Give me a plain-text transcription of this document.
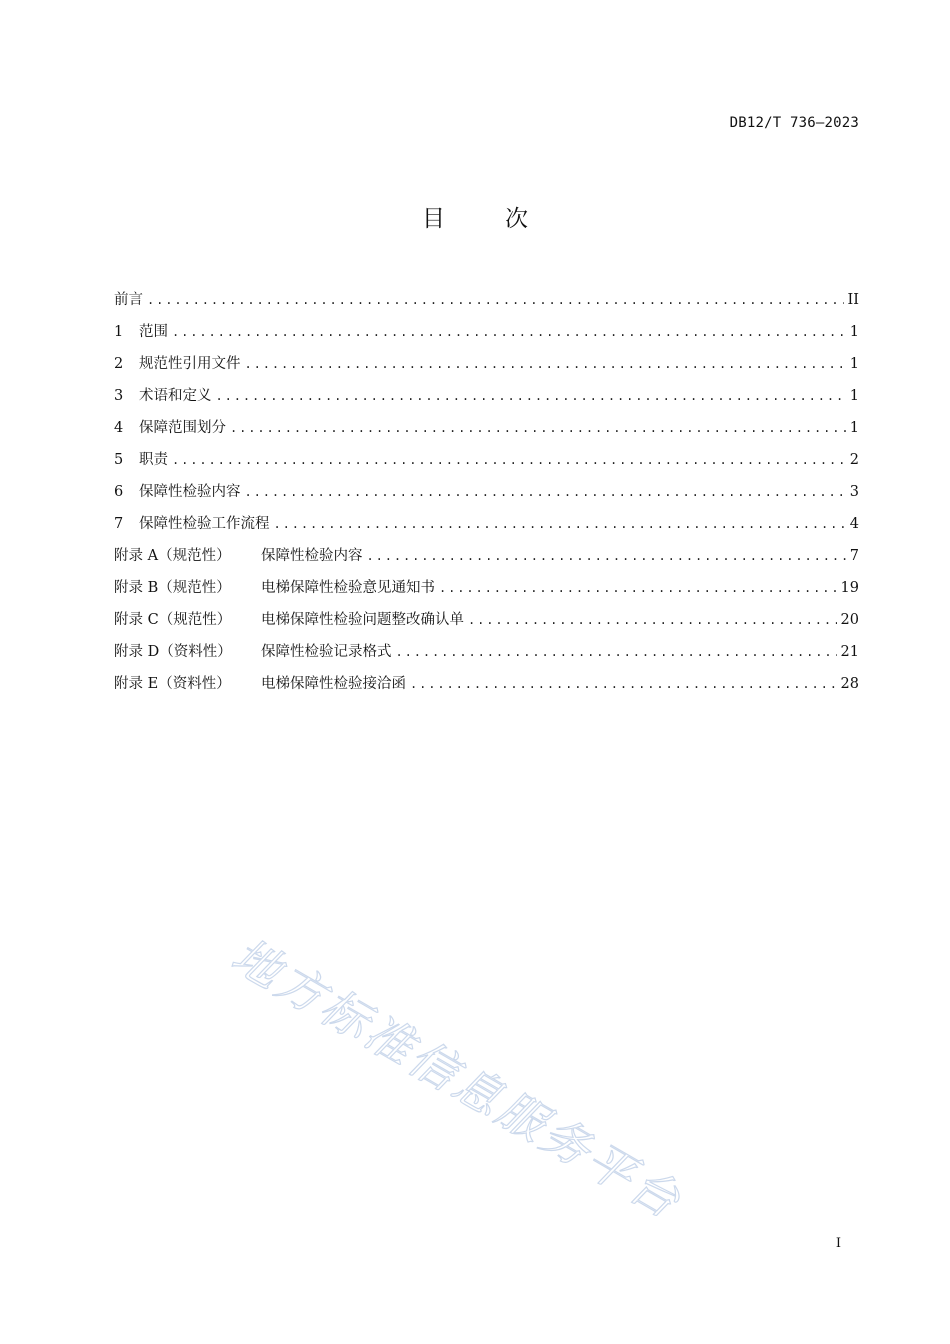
DB12/T 736—2023
目	次
前言 .....	II
1	范围 .....	1
2	规范性引用文件 .....	1
3	术语和定义 .....	1
4	保障范围划分 .....	1
5	职责 .....	2
6	保障性检验内容 .....	3
7	保障性检验工作流程 .....	4
附录 A（规范性）	保障性检验内容 .....	7
附录 B（规范性）	电梯保障性检验意见通知书 .....	19
附录 C（规范性）	电梯保障性检验问题整改确认单 .....	20
附录 D（资料性）	保障性检验记录格式 .....	21
附录 E（资料性）	电梯保障性检验接洽函 .....	28
地方标准信息服务平台
I
